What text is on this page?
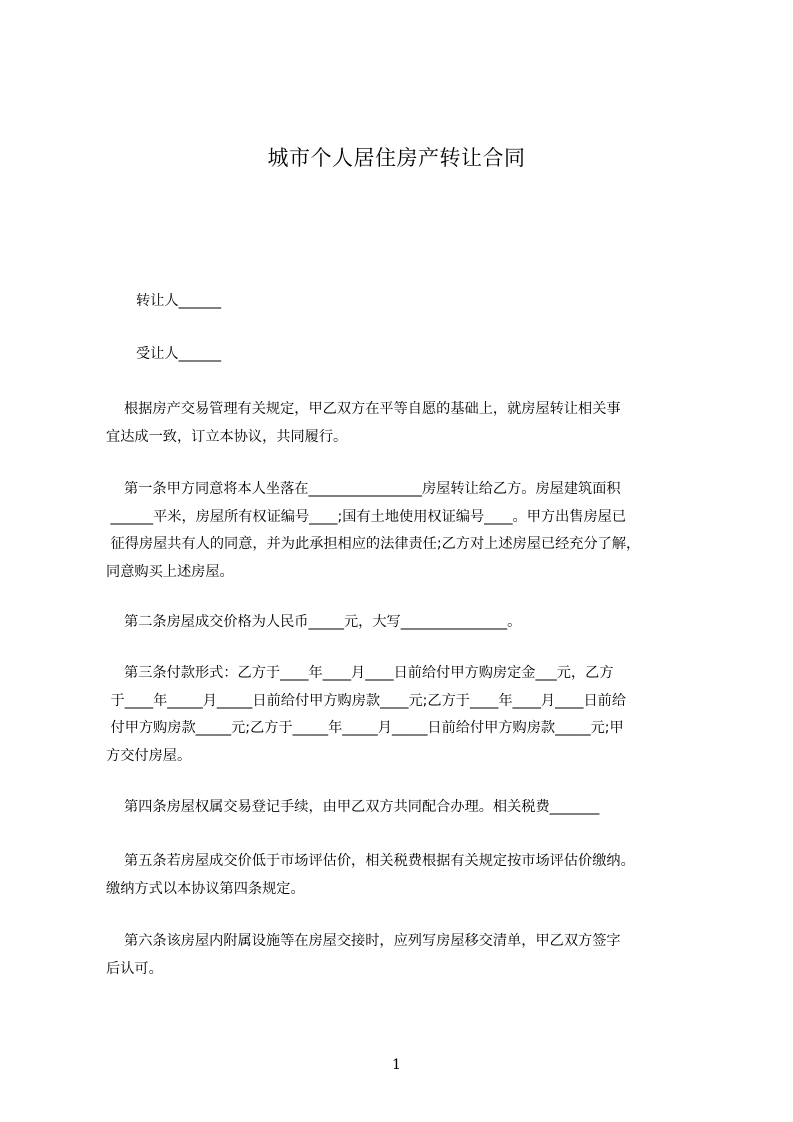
城市个人居住房产转让合同
转让人______
受让人______
根据房产交易管理有关规定，甲乙双方在平等自愿的基础上，就房屋转让相关事
宜达成一致，订立本协议，共同履行。
第一条甲方同意将本人坐落在________________房屋转让给乙方。房屋建筑面积
______平米，房屋所有权证编号____;国有土地使用权证编号____。甲方出售房屋已
征得房屋共有人的同意，并为此承担相应的法律责任;乙方对上述房屋已经充分了解，
同意购买上述房屋。
第二条房屋成交价格为人民币_____元，大写_______________。
第三条付款形式：乙方于____年____月____日前给付甲方购房定金___元，乙方
于____年_____月_____日前给付甲方购房款____元;乙方于____年____月____日前给
付甲方购房款_____元;乙方于_____年_____月_____日前给付甲方购房款_____元;甲
方交付房屋。
第四条房屋权属交易登记手续，由甲乙双方共同配合办理。相关税费_______
第五条若房屋成交价低于市场评估价，相关税费根据有关规定按市场评估价缴纳。
缴纳方式以本协议第四条规定。
第六条该房屋内附属设施等在房屋交接时，应列写房屋移交清单，甲乙双方签字
后认可。
1
